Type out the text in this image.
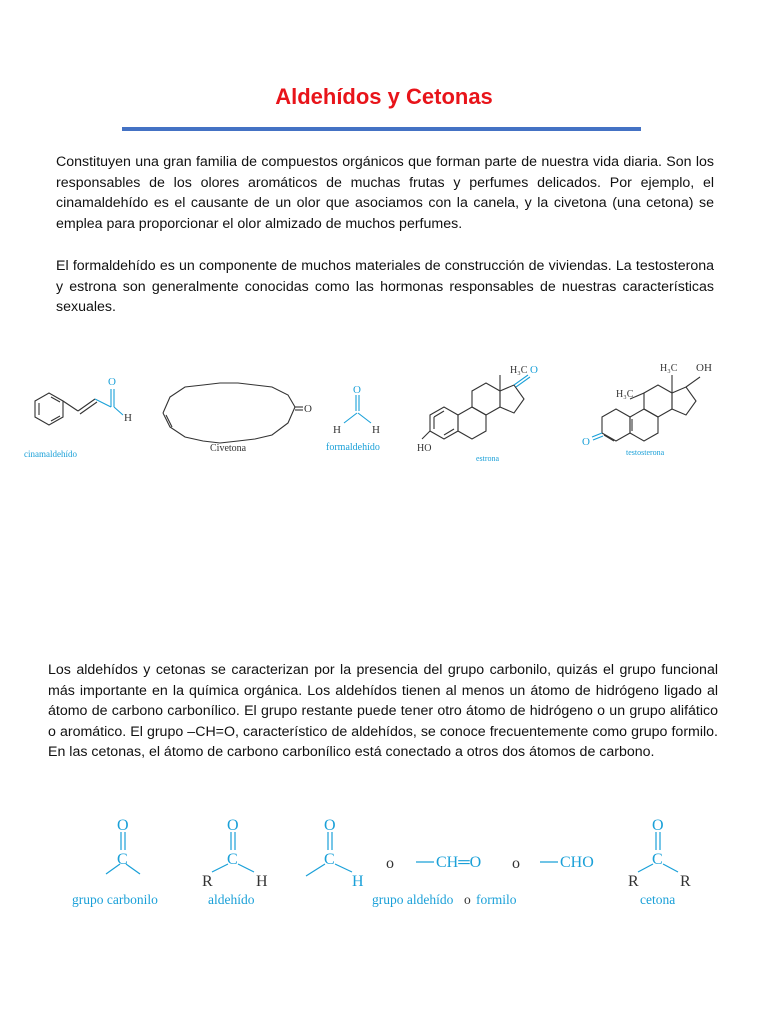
Aldehídos y Cetonas

Constituyen una gran familia de compuestos orgánicos que forman parte de nuestra vida diaria. Son los responsables de los olores aromáticos de muchas frutas y perfumes delicados. Por ejemplo, el cinamaldehído es el causante de un olor que asociamos con la canela, y la civetona (una cetona) se emplea para proporcionar el olor almizado de muchos perfumes.

El formaldehído es un componente de muchos materiales de construcción de viviendas. La testosterona y estrona son generalmente conocidas como las hormonas responsables de nuestras características sexuales.

O
H
cinamaldehído
O
Civetona
O
H	H
formaldehído
H₃C O
HO
estrona
H₃C OH
H₃C
O
testosterona

Los aldehídos y cetonas se caracterizan por la presencia del grupo carbonilo, quizás el grupo funcional más importante en la química orgánica. Los aldehídos tienen al menos un átomo de hidrógeno ligado al átomo de carbono carbonílico. El grupo restante puede tener otro átomo de hidrógeno o un grupo alifático o aromático. El grupo –CH=O, característico de aldehídos, se conoce frecuentemente como grupo formilo. En las cetonas, el átomo de carbono carbonílico está conectado a otros dos átomos de carbono.

O
C
O
C
O
C	CH═O	CHO
O
C
H
R	H
o	o
R	R
grupo carbonilo	aldehído	grupo aldehído o formilo	cetona
